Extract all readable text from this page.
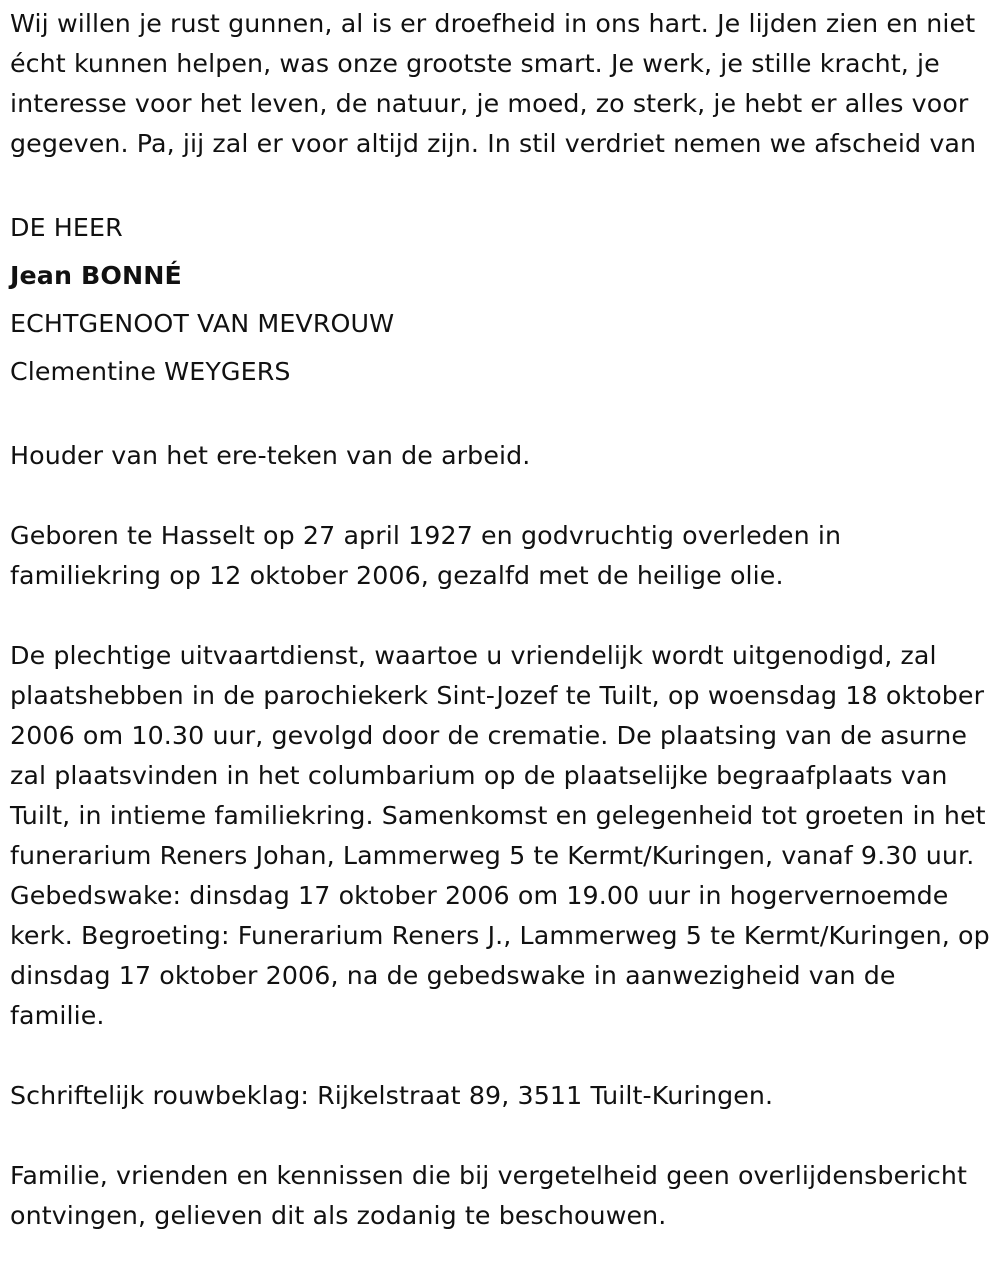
Wij willen je rust gunnen, al is er droefheid in ons hart. Je lijden zien en niet écht kunnen helpen, was onze grootste smart. Je werk, je stille kracht, je interesse voor het leven, de natuur, je moed, zo sterk, je hebt er alles voor gegeven. Pa, jij zal er voor altijd zijn. In stil verdriet nemen we afscheid van

DE HEER
Jean BONNÉ
ECHTGENOOT VAN MEVROUW
Clementine WEYGERS

Houder van het ere-teken van de arbeid.

Geboren te Hasselt op 27 april 1927 en godvruchtig overleden in familiekring op 12 oktober 2006, gezalfd met de heilige olie.

De plechtige uitvaartdienst, waartoe u vriendelijk wordt uitgenodigd, zal plaatshebben in de parochiekerk Sint-Jozef te Tuilt, op woensdag 18 oktober 2006 om 10.30 uur, gevolgd door de crematie. De plaatsing van de asurne zal plaatsvinden in het columbarium op de plaatselijke begraafplaats van Tuilt, in intieme familiekring. Samenkomst en gelegenheid tot groeten in het funerarium Reners Johan, Lammerweg 5 te Kermt/Kuringen, vanaf 9.30 uur. Gebedswake: dinsdag 17 oktober 2006 om 19.00 uur in hogervernoemde kerk. Begroeting: Funerarium Reners J., Lammerweg 5 te Kermt/Kuringen, op dinsdag 17 oktober 2006, na de gebedswake in aanwezigheid van de familie.

Schriftelijk rouwbeklag: Rijkelstraat 89, 3511 Tuilt-Kuringen.

Familie, vrienden en kennissen die bij vergetelheid geen overlijdensbericht ontvingen, gelieven dit als zodanig te beschouwen.
